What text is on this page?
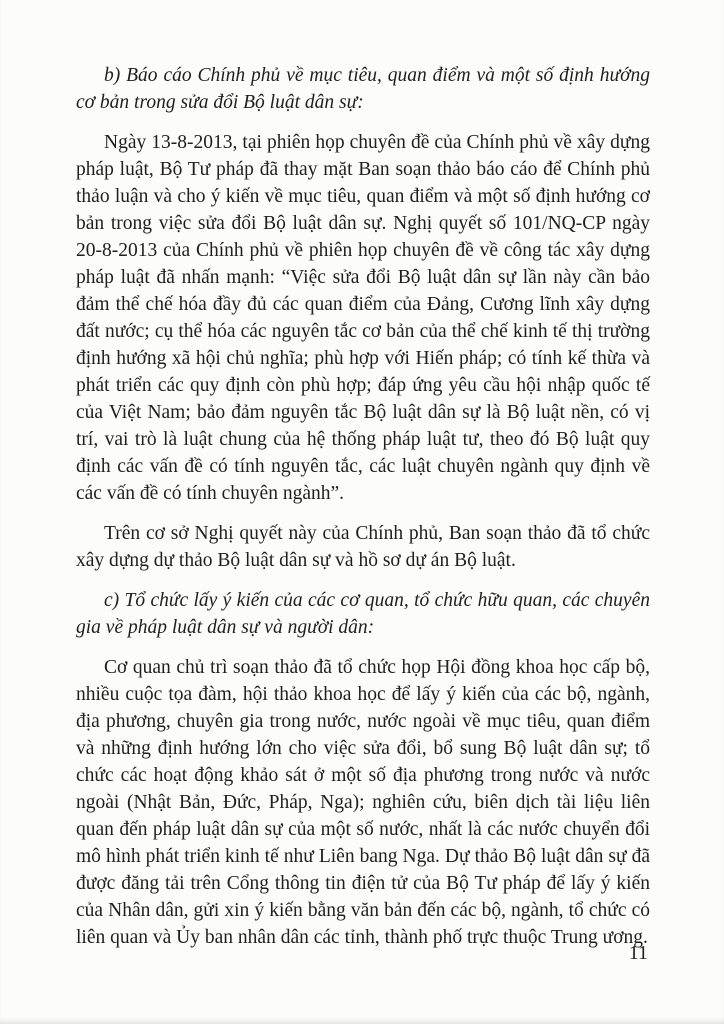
b) Báo cáo Chính phủ về mục tiêu, quan điểm và một số định hướng cơ bản trong sửa đổi Bộ luật dân sự:

Ngày 13-8-2013, tại phiên họp chuyên đề của Chính phủ về xây dựng pháp luật, Bộ Tư pháp đã thay mặt Ban soạn thảo báo cáo để Chính phủ thảo luận và cho ý kiến về mục tiêu, quan điểm và một số định hướng cơ bản trong việc sửa đổi Bộ luật dân sự. Nghị quyết số 101/NQ-CP ngày 20-8-2013 của Chính phủ về phiên họp chuyên đề về công tác xây dựng pháp luật đã nhấn mạnh: “Việc sửa đổi Bộ luật dân sự lần này cần bảo đảm thể chế hóa đầy đủ các quan điểm của Đảng, Cương lĩnh xây dựng đất nước; cụ thể hóa các nguyên tắc cơ bản của thể chế kinh tế thị trường định hướng xã hội chủ nghĩa; phù hợp với Hiến pháp; có tính kế thừa và phát triển các quy định còn phù hợp; đáp ứng yêu cầu hội nhập quốc tế của Việt Nam; bảo đảm nguyên tắc Bộ luật dân sự là Bộ luật nền, có vị trí, vai trò là luật chung của hệ thống pháp luật tư, theo đó Bộ luật quy định các vấn đề có tính nguyên tắc, các luật chuyên ngành quy định về các vấn đề có tính chuyên ngành”.

Trên cơ sở Nghị quyết này của Chính phủ, Ban soạn thảo đã tổ chức xây dựng dự thảo Bộ luật dân sự và hồ sơ dự án Bộ luật.

c) Tổ chức lấy ý kiến của các cơ quan, tổ chức hữu quan, các chuyên gia về pháp luật dân sự và người dân:

Cơ quan chủ trì soạn thảo đã tổ chức họp Hội đồng khoa học cấp bộ, nhiều cuộc tọa đàm, hội thảo khoa học để lấy ý kiến của các bộ, ngành, địa phương, chuyên gia trong nước, nước ngoài về mục tiêu, quan điểm và những định hướng lớn cho việc sửa đổi, bổ sung Bộ luật dân sự; tổ chức các hoạt động khảo sát ở một số địa phương trong nước và nước ngoài (Nhật Bản, Đức, Pháp, Nga); nghiên cứu, biên dịch tài liệu liên quan đến pháp luật dân sự của một số nước, nhất là các nước chuyển đổi mô hình phát triển kinh tế như Liên bang Nga. Dự thảo Bộ luật dân sự đã được đăng tải trên Cổng thông tin điện tử của Bộ Tư pháp để lấy ý kiến của Nhân dân, gửi xin ý kiến bằng văn bản đến các bộ, ngành, tổ chức có liên quan và Ủy ban nhân dân các tỉnh, thành phố trực thuộc Trung ương.

11
